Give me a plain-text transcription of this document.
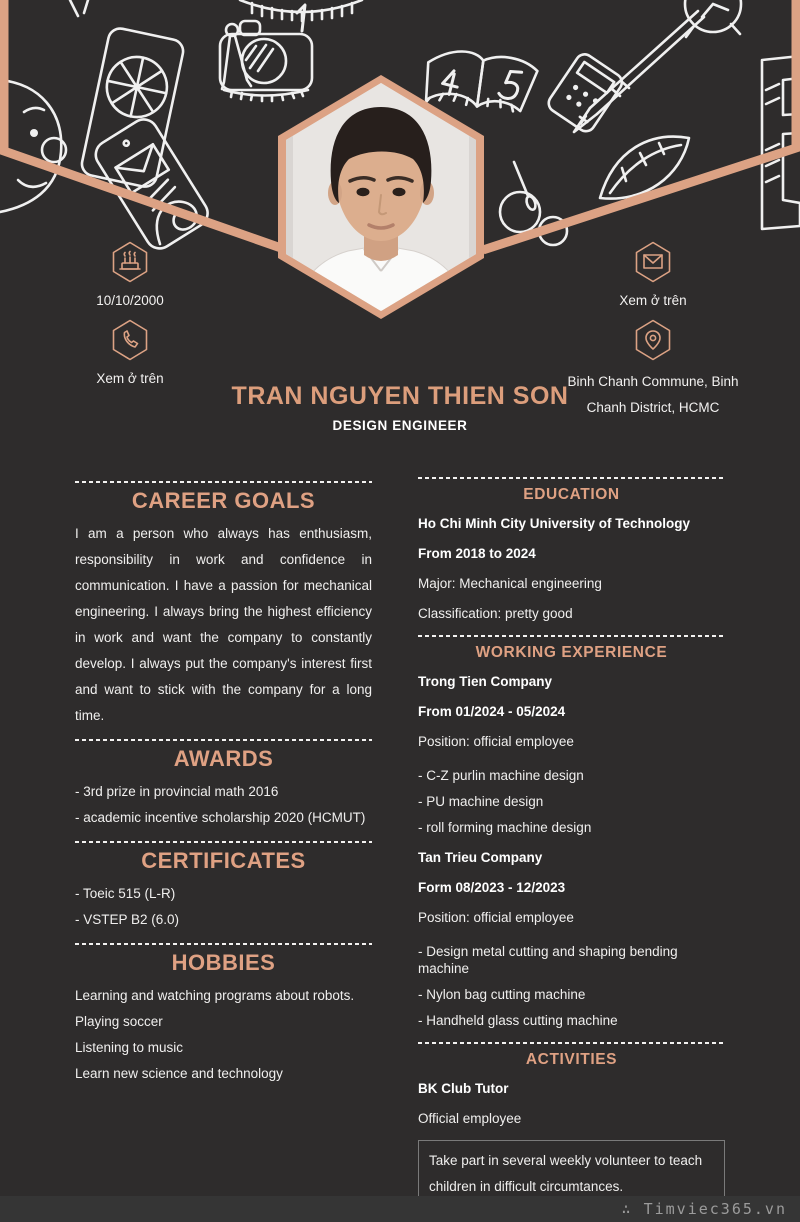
10/10/2000
Xem ở trên
Xem ở trên
Binh Chanh Commune, Binh Chanh District, HCMC
TRAN NGUYEN THIEN SON
DESIGN ENGINEER
CAREER GOALS

I am a person who always has enthusiasm, responsibility in work and confidence in communication. I have a passion for mechanical engineering. I always bring the highest efficiency in work and want the company to constantly develop. I always put the company's interest first and want to stick with the company for a long time.

AWARDS
- 3rd prize in provincial math 2016
- academic incentive scholarship 2020 (HCMUT)
CERTIFICATES
- Toeic 515 (L-R)
- VSTEP B2 (6.0)
HOBBIES
Learning and watching programs about robots.
Playing soccer
Listening to music
Learn new science and technology
EDUCATION
Ho Chi Minh City University of Technology
From 2018 to 2024
Major: Mechanical engineering
Classification: pretty good
WORKING EXPERIENCE
Trong Tien Company
From 01/2024 - 05/2024
Position: official employee
- C-Z purlin machine design
- PU machine design
- roll forming machine design
Tan Trieu Company
Form 08/2023 - 12/2023
Position: official employee
- Design metal cutting and shaping bending machine
- Nylon bag cutting machine
- Handheld glass cutting machine
ACTIVITIES
BK Club Tutor
Official employee
Take part in several weekly volunteer to teach children in difficult circumtances.
∴ Timviec365.vn
